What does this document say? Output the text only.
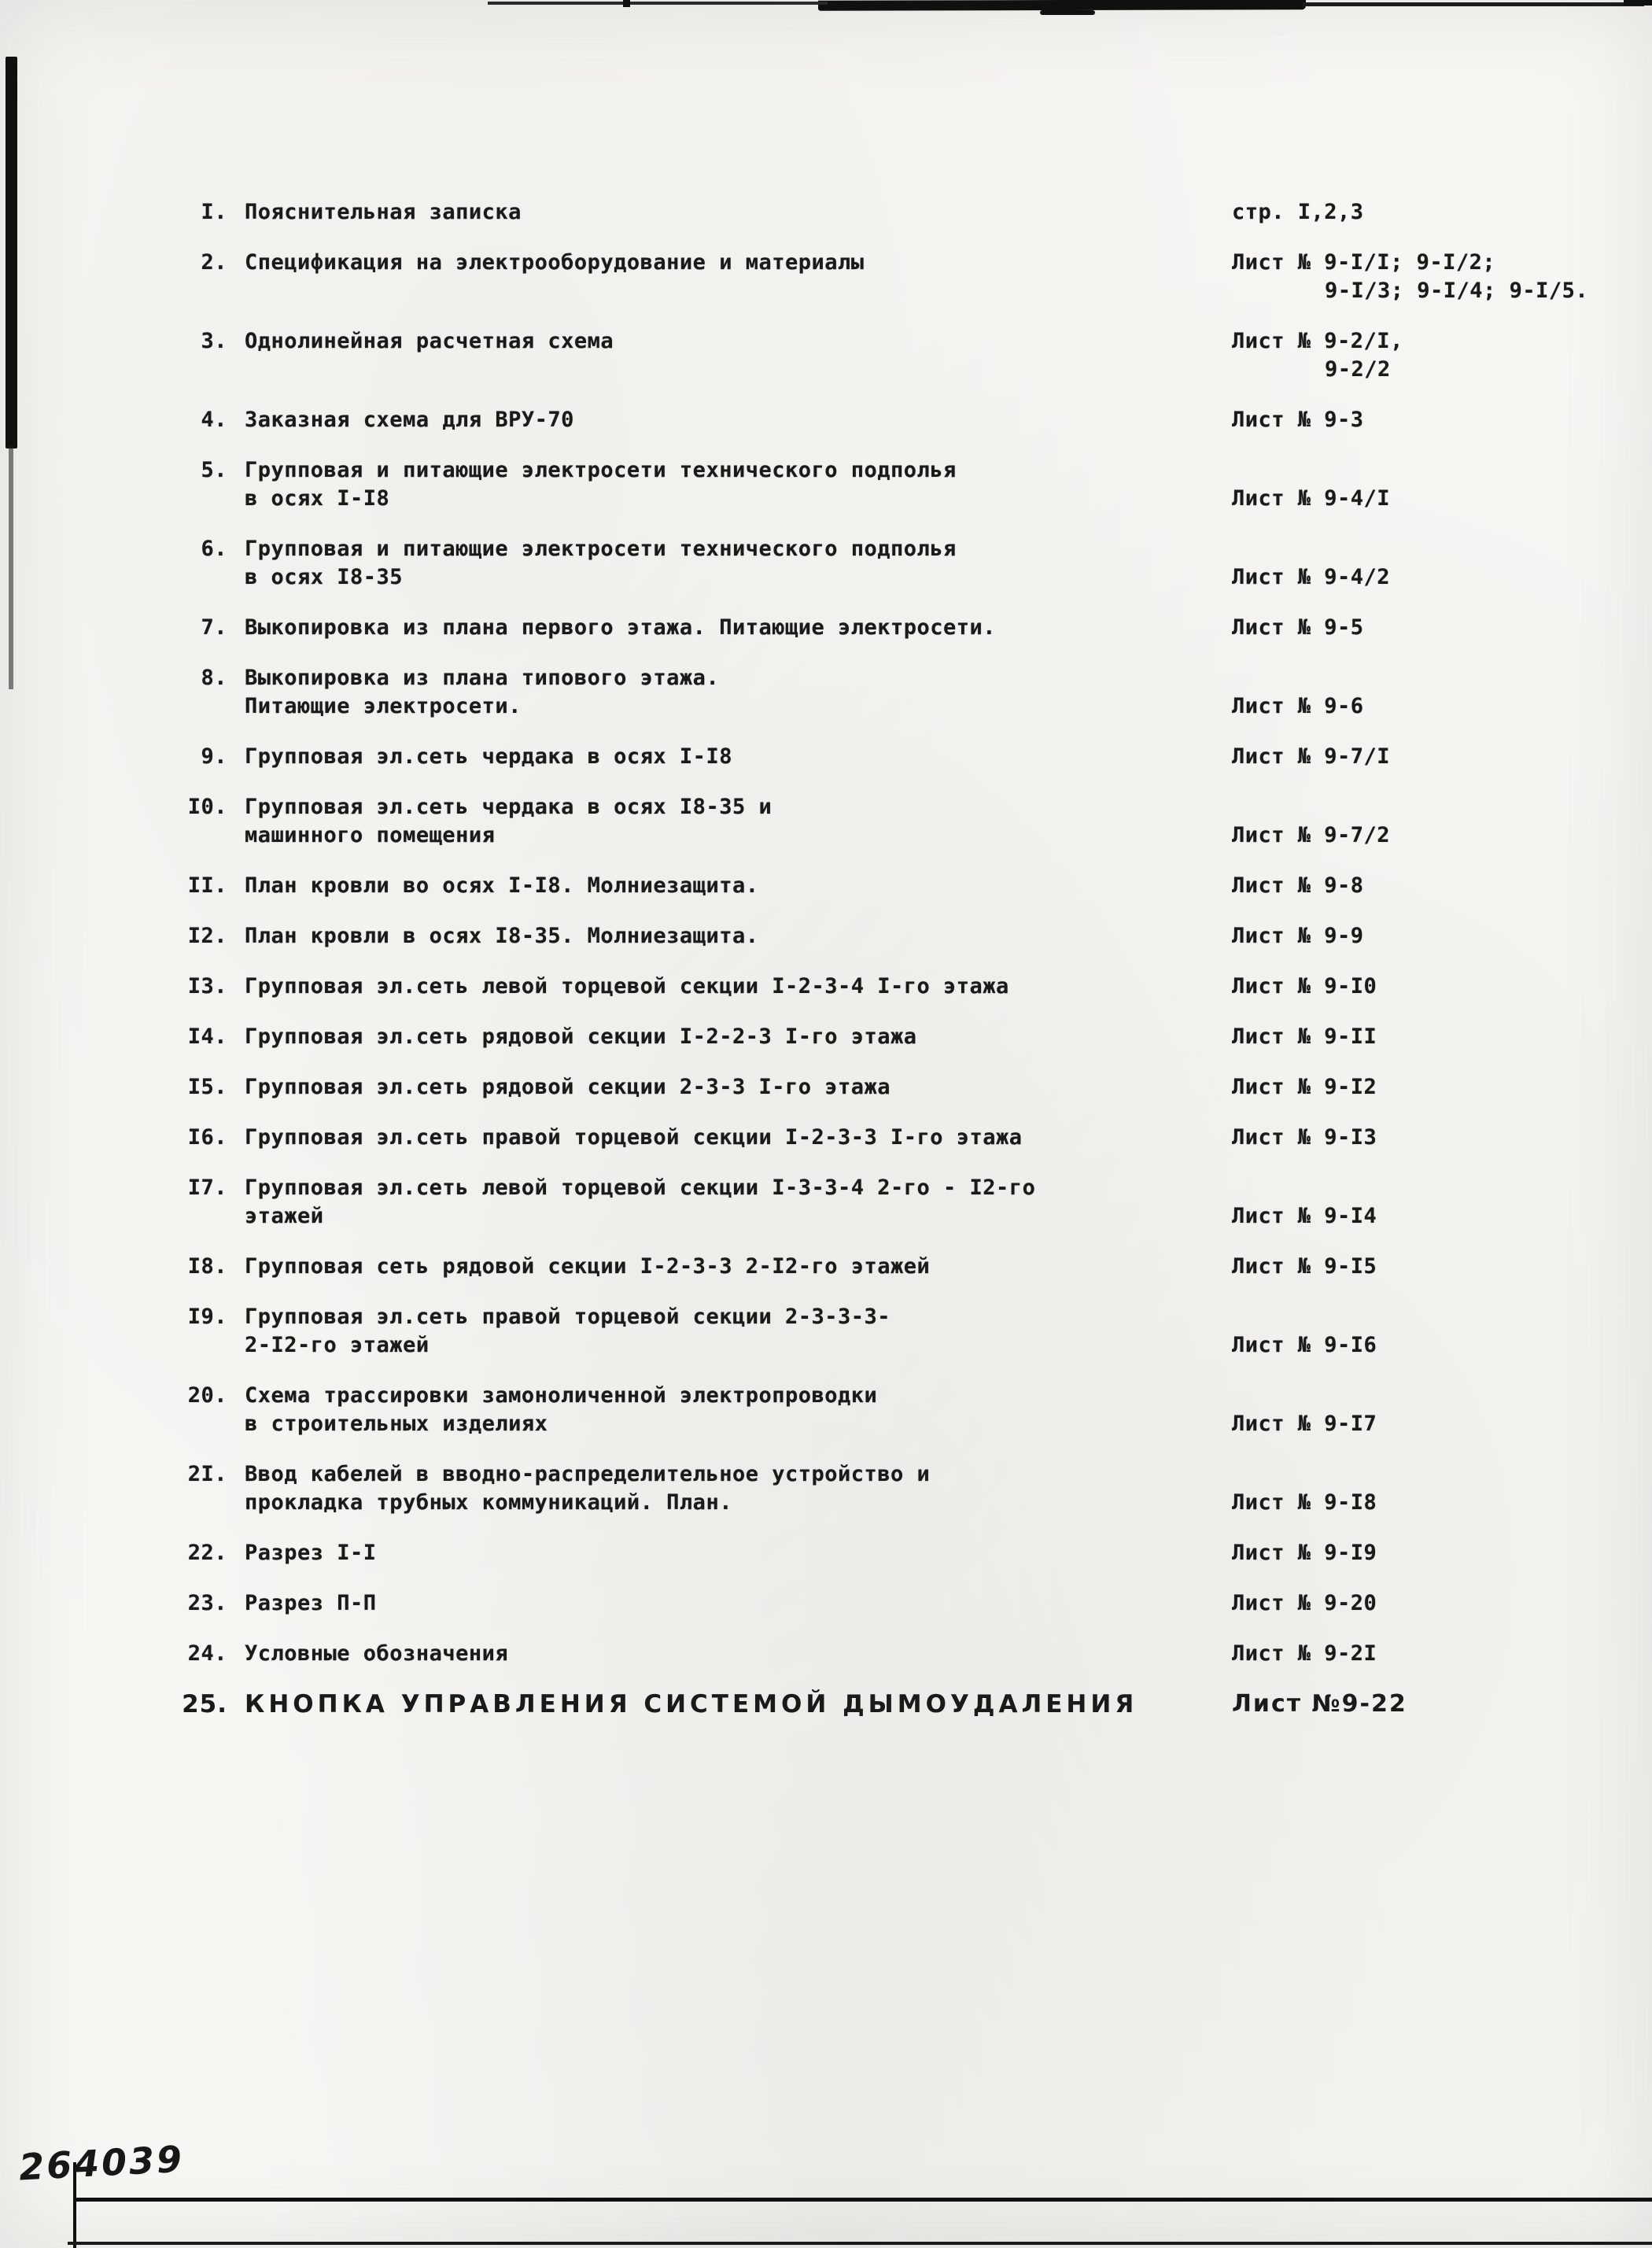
I. Пояснительная записка	стр. I,2,3
2. Спецификация на электрооборудование и материалы	Лист № 9-I/I; 9-I/2;
9-I/3; 9-I/4; 9-I/5.
3. Однолинейная расчетная схема	Лист № 9-2/I,
9-2/2
4. Заказная схема для ВРУ-70	Лист № 9-3
5. Групповая и питающие электросети технического подполья
в осях I-I8	Лист № 9-4/I
6. Групповая и питающие электросети технического подполья
в осях I8-35	Лист № 9-4/2
7. Выкопировка из плана первого этажа. Питающие электросети.	Лист № 9-5
8. Выкопировка из плана типового этажа.
Питающие электросети.	Лист № 9-6
9. Групповая эл.сеть чердака в осях I-I8	Лист № 9-7/I
I0. Групповая эл.сеть чердака в осях I8-35 и
машинного помещения	Лист № 9-7/2
II. План кровли во осях I-I8. Молниезащита.	Лист № 9-8
I2. План кровли в осях I8-35. Молниезащита.	Лист № 9-9
I3. Групповая эл.сеть левой торцевой секции I-2-3-4 I-го этажа	Лист № 9-I0
I4. Групповая эл.сеть рядовой секции I-2-2-3 I-го этажа	Лист № 9-II
I5. Групповая эл.сеть рядовой секции 2-3-3 I-го этажа	Лист № 9-I2
I6. Групповая эл.сеть правой торцевой секции I-2-3-3 I-го этажа	Лист № 9-I3
I7. Групповая эл.сеть левой торцевой секции I-3-3-4 2-го - I2-го
этажей	Лист № 9-I4
I8. Групповая сеть рядовой секции I-2-3-3 2-I2-го этажей	Лист № 9-I5
I9. Групповая эл.сеть правой торцевой секции 2-3-3-3-
2-I2-го этажей	Лист № 9-I6
20. Схема трассировки замоноличенной электропроводки
в строительных изделиях	Лист № 9-I7
2I. Ввод кабелей в вводно-распределительное устройство и
прокладка трубных коммуникаций. План.	Лист № 9-I8
22. Разрез I-I	Лист № 9-I9
23. Разрез П-П	Лист № 9-20
24. Условные обозначения	Лист № 9-2I
25. КНОПКА УПРАВЛЕНИЯ СИСТЕМОЙ ДЫМОУДАЛЕНИЯ	Лист №9-22
264039
